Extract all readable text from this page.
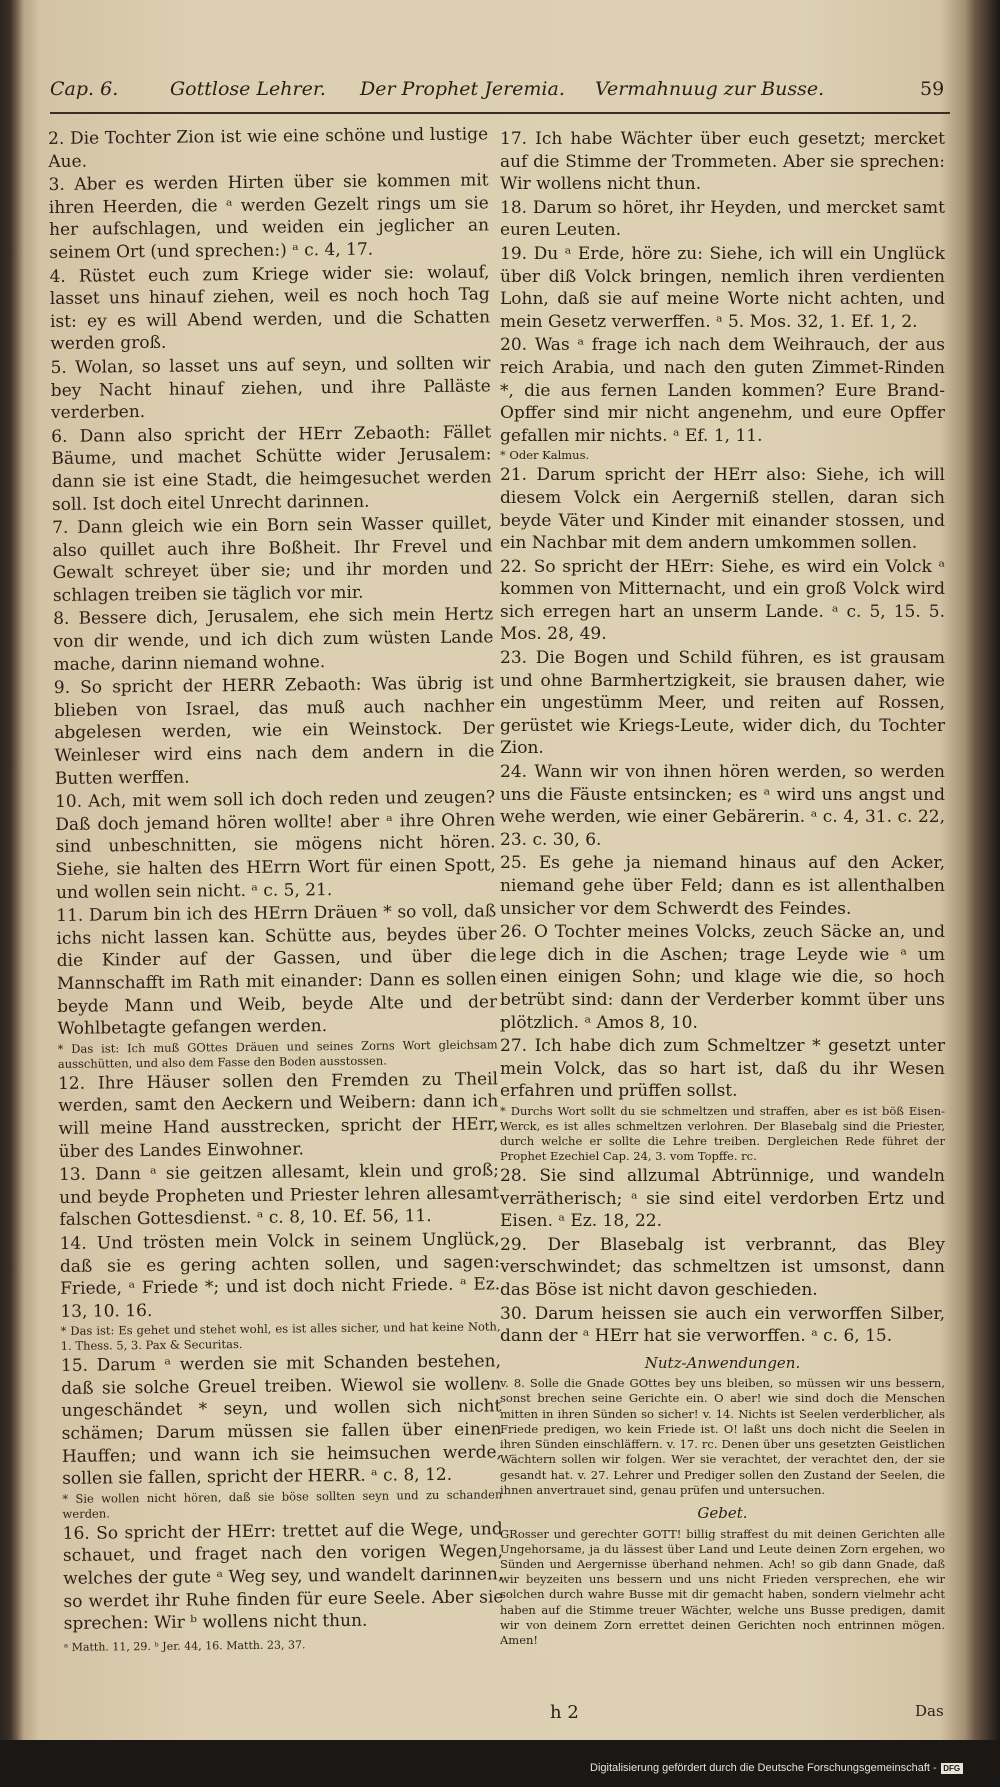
Cap. 6.	Gottlose Lehrer. Der Prophet Jeremia. Vermahnuug zur Busse.	59

2. Die Tochter Zion ist wie eine schöne und lustige Aue.

3. Aber es werden Hirten über sie kommen mit ihren Heerden, die ᵃ werden Gezelt rings um sie her aufschlagen, und weiden ein jeglicher an seinem Ort (und sprechen:) ᵃ c. 4, 17.

4. Rüstet euch zum Kriege wider sie: wolauf, lasset uns hinauf ziehen, weil es noch hoch Tag ist: ey es will Abend werden, und die Schatten werden groß.

5. Wolan, so lasset uns auf seyn, und sollten wir bey Nacht hinauf ziehen, und ihre Palläste verderben.

6. Dann also spricht der HErr Zebaoth: Fället Bäume, und machet Schütte wider Jerusalem: dann sie ist eine Stadt, die heimgesuchet werden soll. Ist doch eitel Unrecht darinnen.

7. Dann gleich wie ein Born sein Wasser quillet, also quillet auch ihre Boßheit. Ihr Frevel und Gewalt schreyet über sie; und ihr morden und schlagen treiben sie täglich vor mir.

8. Bessere dich, Jerusalem, ehe sich mein Hertz von dir wende, und ich dich zum wüsten Lande mache, darinn niemand wohne.

9. So spricht der HERR Zebaoth: Was übrig ist blieben von Israel, das muß auch nachher abgelesen werden, wie ein Weinstock. Der Weinleser wird eins nach dem andern in die Butten werffen.

10. Ach, mit wem soll ich doch reden und zeugen? Daß doch jemand hören wollte! aber ᵃ ihre Ohren sind unbeschnitten, sie mögens nicht hören. Siehe, sie halten des HErrn Wort für einen Spott, und wollen sein nicht. ᵃ c. 5, 21.

11. Darum bin ich des HErrn Dräuen * so voll, daß ichs nicht lassen kan. Schütte aus, beydes über die Kinder auf der Gassen, und über die Mannschafft im Rath mit einander: Dann es sollen beyde Mann und Weib, beyde Alte und der Wohlbetagte gefangen werden.

* Das ist: Ich muß GOttes Dräuen und seines Zorns Wort gleichsam ausschütten, und also dem Fasse den Boden ausstossen.

12. Ihre Häuser sollen den Fremden zu Theil werden, samt den Aeckern und Weibern: dann ich will meine Hand ausstrecken, spricht der HErr, über des Landes Einwohner.

13. Dann ᵃ sie geitzen allesamt, klein und groß; und beyde Propheten und Priester lehren allesamt falschen Gottesdienst. ᵃ c. 8, 10. Ef. 56, 11.

14. Und trösten mein Volck in seinem Unglück, daß sie es gering achten sollen, und sagen: Friede, ᵃ Friede *; und ist doch nicht Friede. ᵃ Ez. 13, 10. 16.

* Das ist: Es gehet und stehet wohl, es ist alles sicher, und hat keine Noth, 1. Thess. 5, 3. Pax & Securitas.

15. Darum ᵃ werden sie mit Schanden bestehen, daß sie solche Greuel treiben. Wiewol sie wollen ungeschändet * seyn, und wollen sich nicht schämen; Darum müssen sie fallen über einen Hauffen; und wann ich sie heimsuchen werde, sollen sie fallen, spricht der HERR. ᵃ c. 8, 12.

* Sie wollen nicht hören, daß sie böse sollten seyn und zu schanden werden.

16. So spricht der HErr: trettet auf die Wege, und schauet, und fraget nach den vorigen Wegen, welches der gute ᵃ Weg sey, und wandelt darinnen, so werdet ihr Ruhe finden für eure Seele. Aber sie sprechen: Wir ᵇ wollens nicht thun.

ᵃ Matth. 11, 29. ᵇ Jer. 44, 16. Matth. 23, 37.

17. Ich habe Wächter über euch gesetzt; mercket auf die Stimme der Trommeten. Aber sie sprechen: Wir wollens nicht thun.

18. Darum so höret, ihr Heyden, und mercket samt euren Leuten.

19. Du ᵃ Erde, höre zu: Siehe, ich will ein Unglück über diß Volck bringen, nemlich ihren verdienten Lohn, daß sie auf meine Worte nicht achten, und mein Gesetz verwerffen. ᵃ 5. Mos. 32, 1. Ef. 1, 2.

20. Was ᵃ frage ich nach dem Weihrauch, der aus reich Arabia, und nach den guten Zimmet-Rinden *, die aus fernen Landen kommen? Eure Brand-Opffer sind mir nicht angenehm, und eure Opffer gefallen mir nichts. ᵃ Ef. 1, 11.

* Oder Kalmus.

21. Darum spricht der HErr also: Siehe, ich will diesem Volck ein Aergerniß stellen, daran sich beyde Väter und Kinder mit einander stossen, und ein Nachbar mit dem andern umkommen sollen.

22. So spricht der HErr: Siehe, es wird ein Volck ᵃ kommen von Mitternacht, und ein groß Volck wird sich erregen hart an unserm Lande. ᵃ c. 5, 15. 5. Mos. 28, 49.

23. Die Bogen und Schild führen, es ist grausam und ohne Barmhertzigkeit, sie brausen daher, wie ein ungestümm Meer, und reiten auf Rossen, gerüstet wie Kriegs-Leute, wider dich, du Tochter Zion.

24. Wann wir von ihnen hören werden, so werden uns die Fäuste entsincken; es ᵃ wird uns angst und wehe werden, wie einer Gebärerin. ᵃ c. 4, 31. c. 22, 23. c. 30, 6.

25. Es gehe ja niemand hinaus auf den Acker, niemand gehe über Feld; dann es ist allenthalben unsicher vor dem Schwerdt des Feindes.

26. O Tochter meines Volcks, zeuch Säcke an, und lege dich in die Aschen; trage Leyde wie ᵃ um einen einigen Sohn; und klage wie die, so hoch betrübt sind: dann der Verderber kommt über uns plötzlich. ᵃ Amos 8, 10.

27. Ich habe dich zum Schmeltzer * gesetzt unter mein Volck, das so hart ist, daß du ihr Wesen erfahren und prüffen sollst.

* Durchs Wort sollt du sie schmeltzen und straffen, aber es ist böß Eisen-Werck, es ist alles schmeltzen verlohren. Der Blasebalg sind die Priester, durch welche er sollte die Lehre treiben. Dergleichen Rede führet der Prophet Ezechiel Cap. 24, 3. vom Topffe. rc.

28. Sie sind allzumal Abtrünnige, und wandeln verrätherisch; ᵃ sie sind eitel verdorben Ertz und Eisen. ᵃ Ez. 18, 22.

29. Der Blasebalg ist verbrannt, das Bley verschwindet; das schmeltzen ist umsonst, dann das Böse ist nicht davon geschieden.

30. Darum heissen sie auch ein verworffen Silber, dann der ᵃ HErr hat sie verworffen. ᵃ c. 6, 15.

Nutz-Anwendungen.

v. 8. Solle die Gnade GOttes bey uns bleiben, so müssen wir uns bessern, sonst brechen seine Gerichte ein. O aber! wie sind doch die Menschen mitten in ihren Sünden so sicher! v. 14. Nichts ist Seelen verderblicher, als Friede predigen, wo kein Friede ist. O! laßt uns doch nicht die Seelen in ihren Sünden einschläffern. v. 17. rc. Denen über uns gesetzten Geistlichen Wächtern sollen wir folgen. Wer sie verachtet, der verachtet den, der sie gesandt hat. v. 27. Lehrer und Prediger sollen den Zustand der Seelen, die ihnen anvertrauet sind, genau prüfen und untersuchen.

Gebet.

GRosser und gerechter GOTT! billig straffest du mit deinen Gerichten alle Ungehorsame, ja du lässest über Land und Leute deinen Zorn ergehen, wo Sünden und Aergernisse überhand nehmen. Ach! so gib dann Gnade, daß wir beyzeiten uns bessern und uns nicht Frieden versprechen, ehe wir solchen durch wahre Busse mit dir gemacht haben, sondern vielmehr acht haben auf die Stimme treuer Wächter, welche uns Busse predigen, damit wir von deinem Zorn errettet deinen Gerichten noch entrinnen mögen. Amen!

h 2	Das
Digitalisierung gefördert durch die Deutsche Forschungsgemeinschaft - DFG
